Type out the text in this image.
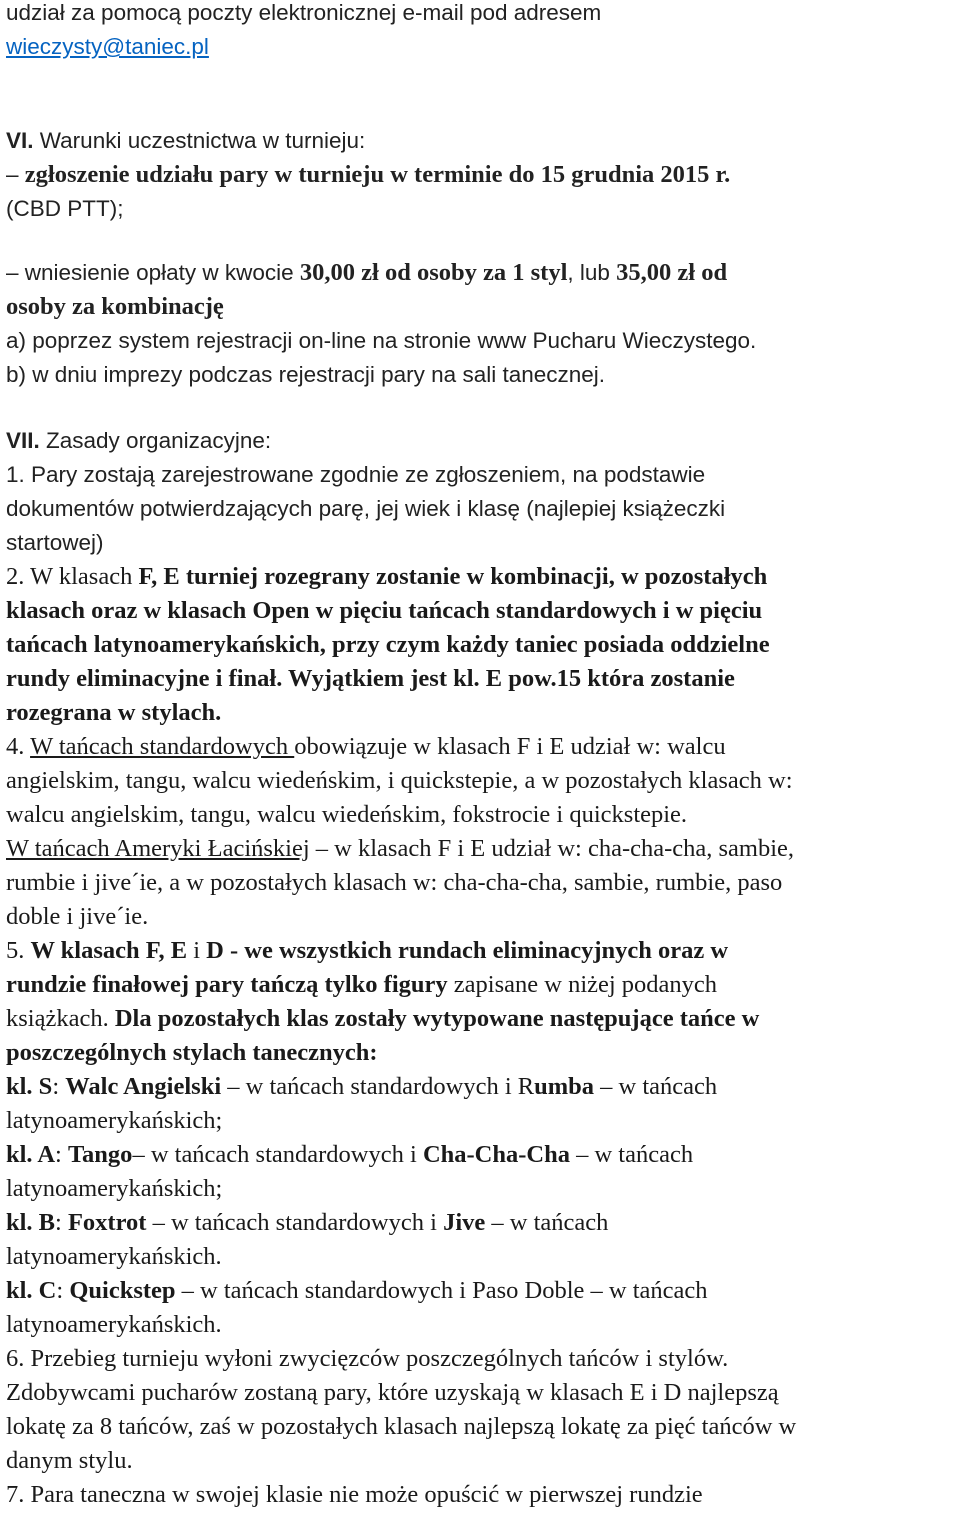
udział za pomocą poczty elektronicznej e-mail pod adresem
wieczysty@taniec.pl
VI. Warunki uczestnictwa w turnieju:
– zgłoszenie udziału pary w turnieju w terminie do 15 grudnia 2015 r.
(CBD PTT);
– wniesienie opłaty w kwocie 30,00 zł od osoby za 1 styl, lub 35,00 zł od
osoby za kombinację
a) poprzez system rejestracji on-line na stronie www Pucharu Wieczystego.
b) w dniu imprezy podczas rejestracji pary na sali tanecznej.
VII. Zasady organizacyjne:
1. Pary zostają zarejestrowane zgodnie ze zgłoszeniem, na podstawie
dokumentów potwierdzających parę, jej wiek i klasę (najlepiej książeczki
startowej)
2. W klasach F, E turniej rozegrany zostanie w kombinacji, w pozostałych
klasach oraz w klasach Open w pięciu tańcach standardowych i w pięciu
tańcach latynoamerykańskich, przy czym każdy taniec posiada oddzielne
rundy eliminacyjne i finał. Wyjątkiem jest kl. E pow.15 która zostanie
rozegrana w stylach.
4. W tańcach standardowych obowiązuje w klasach F i E udział w: walcu
angielskim, tangu, walcu wiedeńskim, i quickstepie, a w pozostałych klasach w:
walcu angielskim, tangu, walcu wiedeńskim, fokstrocie i quickstepie.
W tańcach Ameryki Łacińskiej – w klasach F i E udział w: cha-cha-cha, sambie,
rumbie i jive´ie, a w pozostałych klasach w: cha-cha-cha, sambie, rumbie, paso
doble i jive´ie.
5. W klasach F, E i D - we wszystkich rundach eliminacyjnych oraz w
rundzie finałowej pary tańczą tylko figury zapisane w niżej podanych
książkach. Dla pozostałych klas zostały wytypowane następujące tańce w
poszczególnych stylach tanecznych:
kl. S: Walc Angielski – w tańcach standardowych i Rumba – w tańcach
latynoamerykańskich;
kl. A: Tango– w tańcach standardowych i Cha-Cha-Cha – w tańcach
latynoamerykańskich;
kl. B: Foxtrot – w tańcach standardowych i Jive – w tańcach
latynoamerykańskich.
kl. C: Quickstep – w tańcach standardowych i Paso Doble – w tańcach
latynoamerykańskich.
6. Przebieg turnieju wyłoni zwycięzców poszczególnych tańców i stylów.
Zdobywcami pucharów zostaną pary, które uzyskają w klasach E i D najlepszą
lokatę za 8 tańców, zaś w pozostałych klasach najlepszą lokatę za pięć tańców w
danym stylu.
7. Para taneczna w swojej klasie nie może opuścić w pierwszej rundzie
